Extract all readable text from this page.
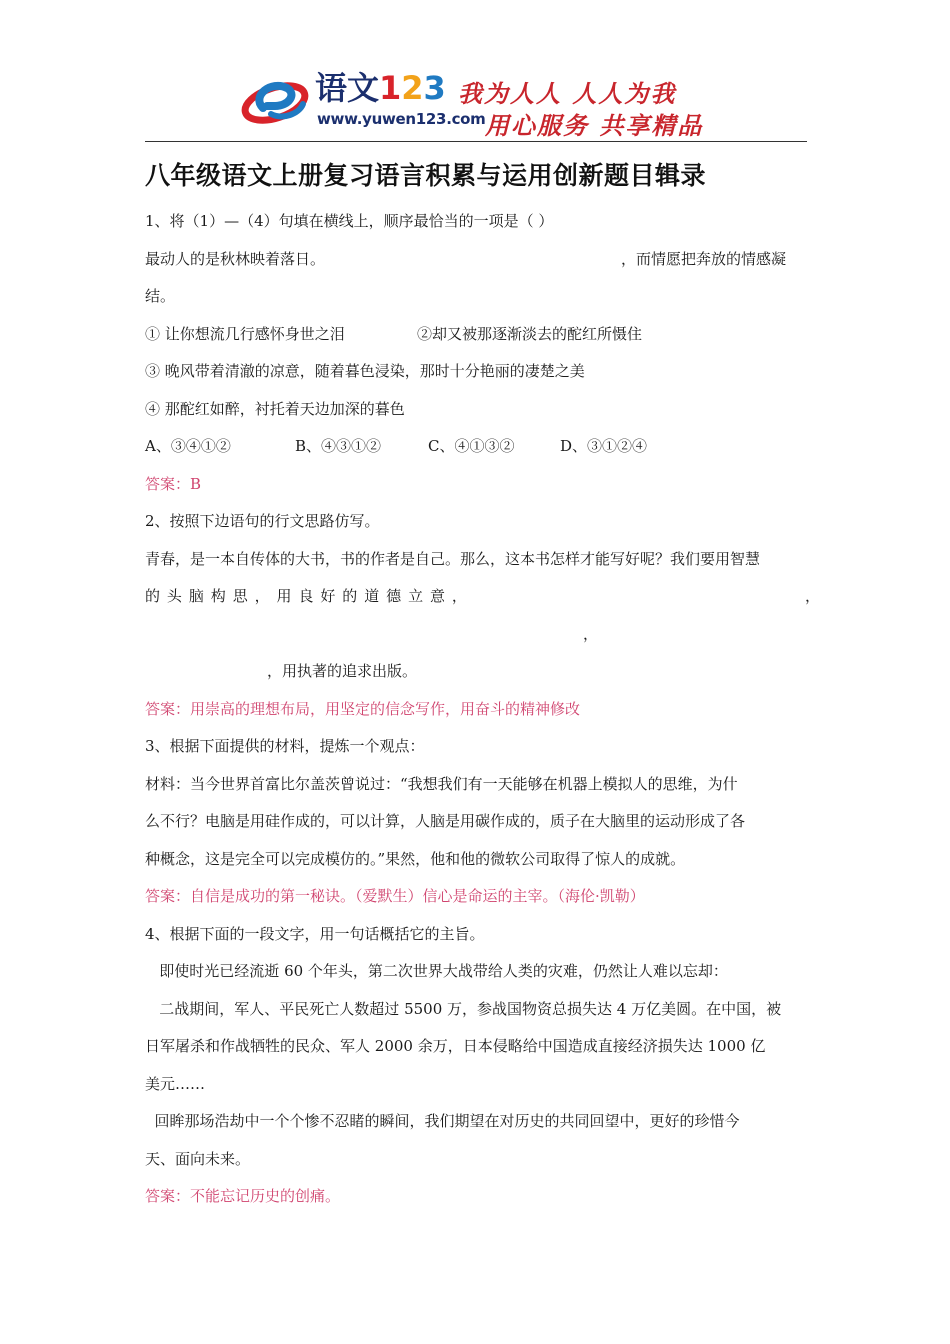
语文123
www.yuwen123.com
我为人人 人人为我
用心服务 共享精品
八年级语文上册复习语言积累与运用创新题目辑录
1、将（1）—（4）句填在横线上，顺序最恰当的一项是（ ）
最动人的是秋林映着落日。	，而情愿把奔放的情感凝
结。
① 让你想流几行感怀身世之泪	②却又被那逐渐淡去的酡红所慑住
③ 晚风带着清澈的凉意，随着暮色浸染，那时十分艳丽的凄楚之美
④ 那酡红如醉，衬托着天边加深的暮色
A、③④①②	B、④③①②	C、④①③②	D、③①②④
答案：B
2、按照下边语句的行文思路仿写。
青春，是一本自传体的大书，书的作者是自己。那么，这本书怎样才能写好呢？我们要用智慧
的 头 脑 构 思 ， 用 良 好 的 道 德 立 意 ，	，
，
，用执著的追求出版。
答案：用崇高的理想布局，用坚定的信念写作，用奋斗的精神修改
3、根据下面提供的材料，提炼一个观点：
材料：当今世界首富比尔盖茨曾说过：“我想我们有一天能够在机器上模拟人的思维，为什
么不行？电脑是用硅作成的，可以计算，人脑是用碳作成的，质子在大脑里的运动形成了各
种概念，这是完全可以完成模仿的。”果然，他和他的微软公司取得了惊人的成就。
答案：自信是成功的第一秘诀。（爱默生）信心是命运的主宰。（海伦·凯勒）
4、根据下面的一段文字，用一句话概括它的主旨。
即使时光已经流逝 60 个年头，第二次世界大战带给人类的灾难，仍然让人难以忘却：
二战期间，军人、平民死亡人数超过 5500 万，参战国物资总损失达 4 万亿美圆。在中国，被
日军屠杀和作战牺牲的民众、军人 2000 余万，日本侵略给中国造成直接经济损失达 1000 亿
美元……
回眸那场浩劫中一个个惨不忍睹的瞬间，我们期望在对历史的共同回望中，更好的珍惜今
天、面向未来。
答案：不能忘记历史的创痛。
